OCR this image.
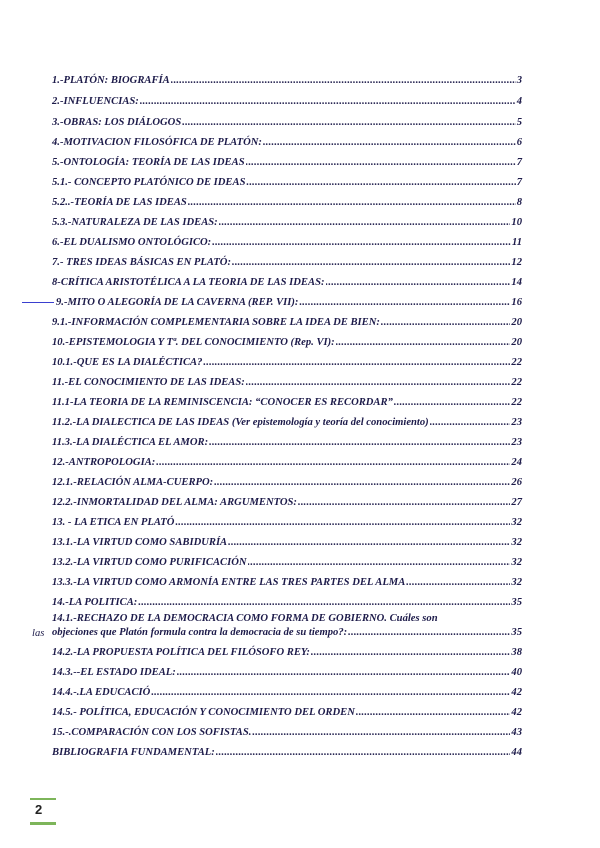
1.-PLATÓN: BIOGRAFÍA .....	3
2.-INFLUENCIAS: .....	4
3.-OBRAS: LOS DIÁLOGOS .....	5
4.-MOTIVACION FILOSÓFICA DE PLATÓN: .....	6
5.-ONTOLOGÍA: TEORÍA DE LAS IDEAS .....	7
5.1.- CONCEPTO PLATÓNICO DE IDEAS .....	7
5.2..-TEORÍA DE LAS IDEAS .....	8
5.3.-NATURALEZA DE LAS IDEAS: .....	10
6.-EL DUALISMO ONTOLÓGICO: .....	11
7.- TRES IDEAS BÁSICAS EN PLATÓ: .....	12
8-CRÍTICA ARISTOTÉLICA A LA TEORIA DE LAS IDEAS: .....	14
9.-MITO O ALEGORÍA DE LA CAVERNA (REP. VII): .....	16
9.1.-INFORMACIÓN COMPLEMENTARIA SOBRE LA IDEA DE BIEN: .....	20
10.-EPISTEMOLOGIA Y Tª. DEL CONOCIMIENTO (Rep. VI): .....	20
10.1.-QUE ES LA DIALÉCTICA? .....	22
11.-EL CONOCIMIENTO DE LAS IDEAS: .....	22
11.1-LA TEORIA DE LA REMINISCENCIA: “CONOCER ES RECORDAR” .....	22
11.2.-LA DIALECTICA DE LAS IDEAS (Ver epistemología y teoría del conocimiento) .....	23
11.3.-LA DIALÉCTICA EL AMOR: .....	23
12.-ANTROPOLOGIA: .....	24
12.1.-RELACIÓN ALMA-CUERPO: .....	26
12.2.-INMORTALIDAD DEL ALMA: ARGUMENTOS: .....	27
13. - LA ETICA EN PLATÓ .....	32
13.1.-LA VIRTUD COMO SABIDURÍA .....	32
13.2.-LA VIRTUD COMO PURIFICACIÓN .....	32
13.3.-LA VIRTUD COMO ARMONÍA ENTRE LAS TRES PARTES DEL ALMA .....	32
14.-LA POLITICA: .....	35
14.1.-RECHAZO DE LA DEMOCRACIA COMO FORMA DE GOBIERNO. Cuáles son
objeciones que Platón formula contra la democracia de su tiempo?: .....	35
14.2.-LA PROPUESTA POLÍTICA DEL FILÓSOFO REY: .....	38
14.3.--EL ESTADO IDEAL: .....	40
14.4.-.LA EDUCACIÓ .....	42
14.5.- POLÍTICA, EDUCACIÓN Y CONOCIMIENTO DEL ORDEN .....	42
15.-.COMPARACIÓN CON LOS SOFISTAS. .....	43
BIBLIOGRAFIA FUNDAMENTAL: .....	44
las
2
